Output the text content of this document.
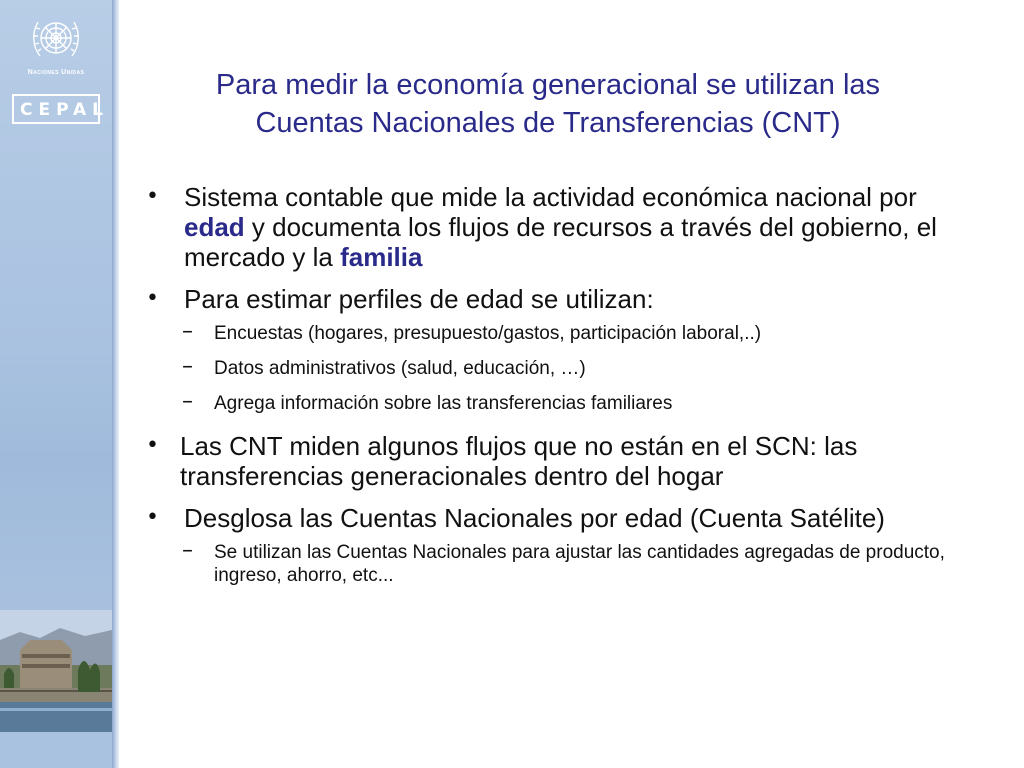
Naciones Unidas
CEPAL
Para medir la economía generacional se utilizan las
Cuentas Nacionales de Transferencias (CNT)
• Sistema contable que mide la actividad económica nacional por edad y documenta los flujos de recursos a través del gobierno, el mercado y la familia
• Para estimar perfiles de edad se utilizan:
– Encuestas (hogares, presupuesto/gastos, participación laboral,..)
– Datos administrativos (salud, educación, …)
– Agrega información sobre las transferencias familiares
• Las CNT miden algunos flujos que no están en el SCN: las transferencias generacionales dentro del hogar
• Desglosa las Cuentas Nacionales por edad (Cuenta Satélite)
– Se utilizan las Cuentas Nacionales para ajustar las cantidades agregadas de producto, ingreso, ahorro, etc...
